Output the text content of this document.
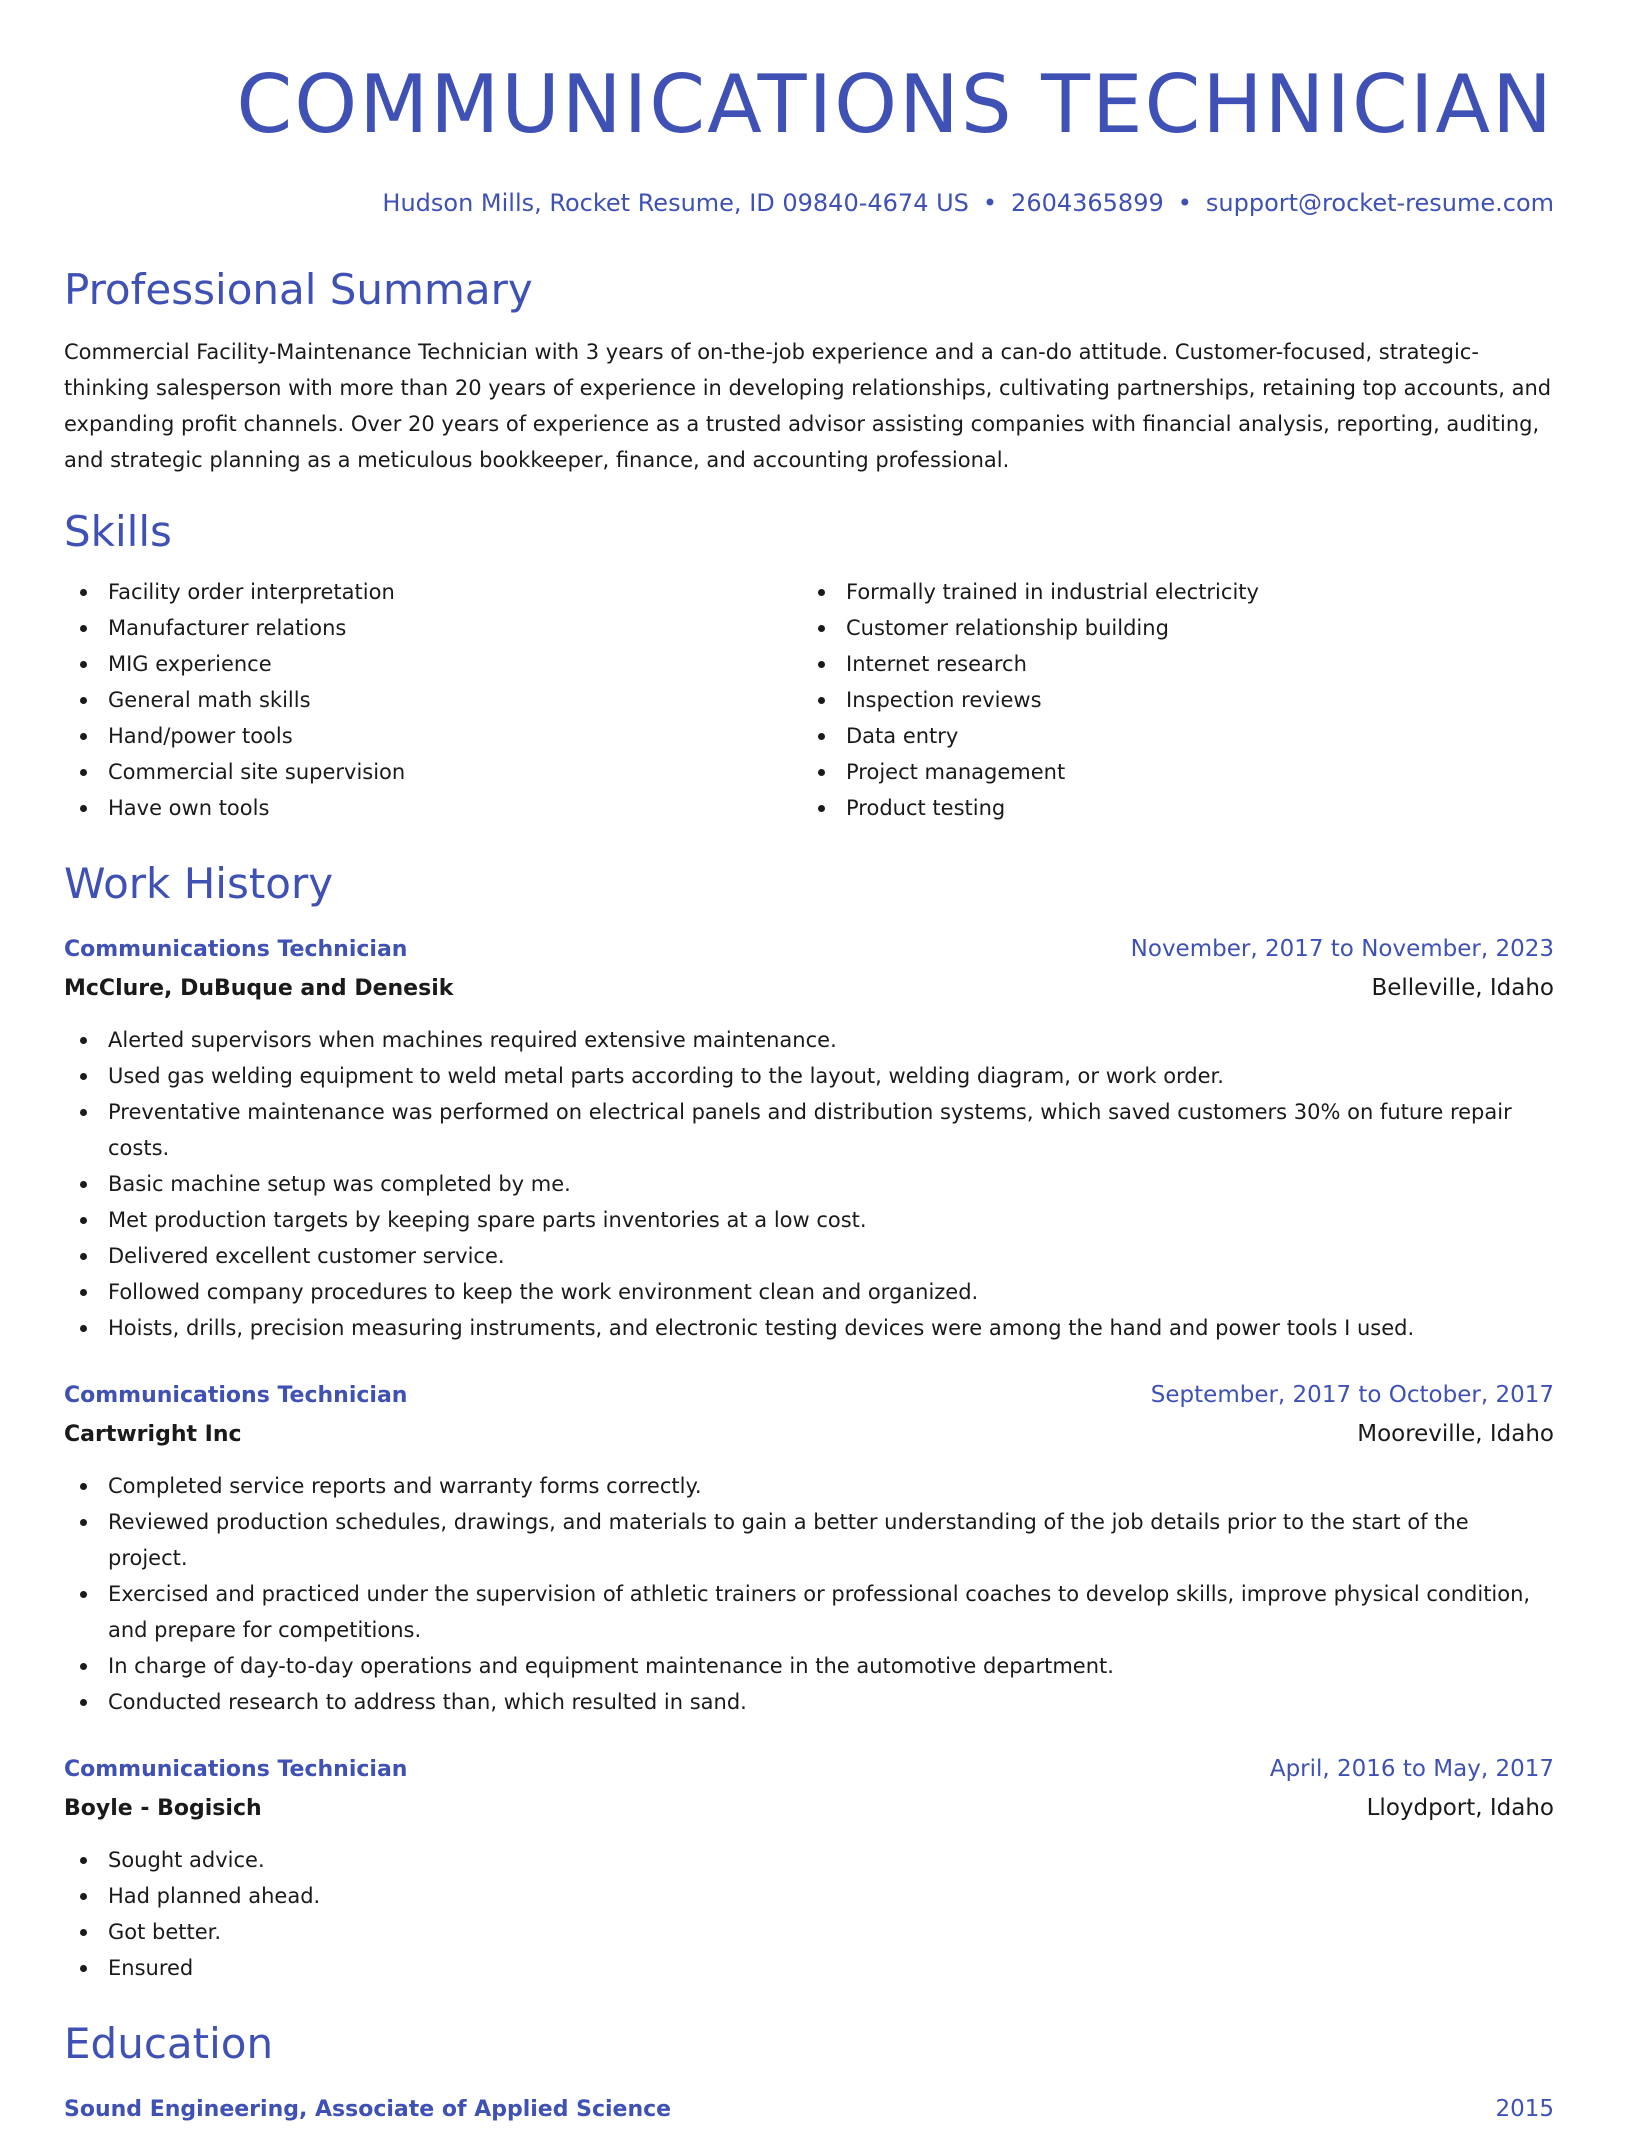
COMMUNICATIONS TECHNICIAN
Hudson Mills, Rocket Resume, ID 09840-4674 US • 2604365899 • support@rocket-resume.com
Professional Summary
Commercial Facility-Maintenance Technician with 3 years of on-the-job experience and a can-do attitude. Customer-focused, strategic-thinking salesperson with more than 20 years of experience in developing relationships, cultivating partnerships, retaining top accounts, and expanding profit channels. Over 20 years of experience as a trusted advisor assisting companies with financial analysis, reporting, auditing, and strategic planning as a meticulous bookkeeper, finance, and accounting professional.
Skills
Facility order interpretation
Manufacturer relations
MIG experience
General math skills
Hand/power tools
Commercial site supervision
Have own tools
Formally trained in industrial electricity
Customer relationship building
Internet research
Inspection reviews
Data entry
Project management
Product testing
Work History
Communications Technician	November, 2017 to November, 2023
McClure, DuBuque and Denesik	Belleville, Idaho
Alerted supervisors when machines required extensive maintenance.
Used gas welding equipment to weld metal parts according to the layout, welding diagram, or work order.
Preventative maintenance was performed on electrical panels and distribution systems, which saved customers 30% on future repair costs.
Basic machine setup was completed by me.
Met production targets by keeping spare parts inventories at a low cost.
Delivered excellent customer service.
Followed company procedures to keep the work environment clean and organized.
Hoists, drills, precision measuring instruments, and electronic testing devices were among the hand and power tools I used.
Communications Technician	September, 2017 to October, 2017
Cartwright Inc	Mooreville, Idaho
Completed service reports and warranty forms correctly.
Reviewed production schedules, drawings, and materials to gain a better understanding of the job details prior to the start of the project.
Exercised and practiced under the supervision of athletic trainers or professional coaches to develop skills, improve physical condition, and prepare for competitions.
In charge of day-to-day operations and equipment maintenance in the automotive department.
Conducted research to address than, which resulted in sand.
Communications Technician	April, 2016 to May, 2017
Boyle - Bogisich	Lloydport, Idaho
Sought advice.
Had planned ahead.
Got better.
Ensured
Education
Sound Engineering, Associate of Applied Science	2015
